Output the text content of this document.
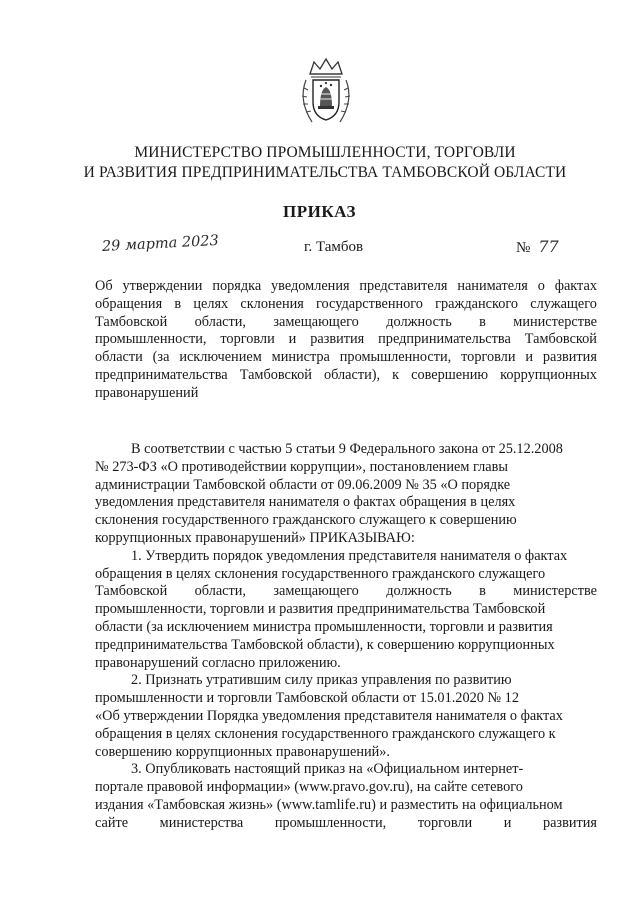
МИНИСТЕРСТВО ПРОМЫШЛЕННОСТИ, ТОРГОВЛИ
И РАЗВИТИЯ ПРЕДПРИНИМАТЕЛЬСТВА ТАМБОВСКОЙ ОБЛАСТИ
ПРИКАЗ
29 марта 2023	г. Тамбов	№ 77
Об утверждении порядка уведомления представителя нанимателя о фактах
обращения в целях склонения государственного гражданского служащего
Тамбовской области, замещающего должность в министерстве
промышленности, торговли и развития предпринимательства Тамбовской
области (за исключением министра промышленности, торговли и развития
предпринимательства Тамбовской области), к совершению коррупционных
правонарушений
В соответствии с частью 5 статьи 9 Федерального закона от 25.12.2008
№ 273-ФЗ «О противодействии коррупции», постановлением главы
администрации Тамбовской области от 09.06.2009 № 35 «О порядке
уведомления представителя нанимателя о фактах обращения в целях
склонения государственного гражданского служащего к совершению
коррупционных правонарушений» ПРИКАЗЫВАЮ:
1. Утвердить порядок уведомления представителя нанимателя о фактах
обращения в целях склонения государственного гражданского служащего
Тамбовской области, замещающего должность в министерстве
промышленности, торговли и развития предпринимательства Тамбовской
области (за исключением министра промышленности, торговли и развития
предпринимательства Тамбовской области), к совершению коррупционных
правонарушений согласно приложению.
2. Признать утратившим силу приказ управления по развитию
промышленности и торговли Тамбовской области от 15.01.2020 № 12
«Об утверждении Порядка уведомления представителя нанимателя о фактах
обращения в целях склонения государственного гражданского служащего к
совершению коррупционных правонарушений».
3. Опубликовать настоящий приказ на «Официальном интернет-
портале правовой информации» (www.pravo.gov.ru), на сайте сетевого
издания «Тамбовская жизнь» (www.tamlife.ru) и разместить на официальном
сайте министерства промышленности, торговли и развития
